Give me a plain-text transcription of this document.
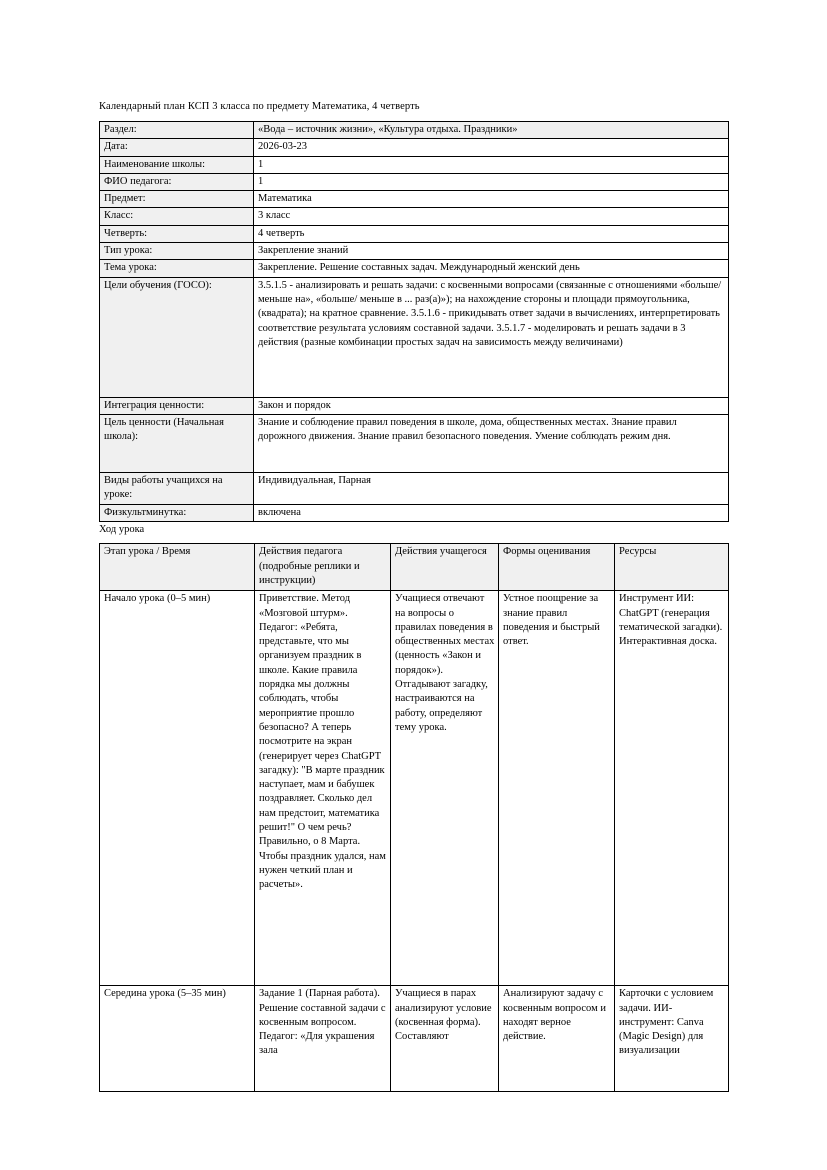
Календарный план КСП 3 класса по предмету Математика, 4 четверть
Раздел:	«Вода – источник жизни», «Культура отдыха. Праздники»
Дата:	2026-03-23
Наименование школы:	1
ФИО педагога:	1
Предмет:	Математика
Класс:	3 класс
Четверть:	4 четверть
Тип урока:	Закрепление знаний
Тема урока:	Закрепление. Решение составных задач. Международный женский день
Цели обучения (ГОСО):	3.5.1.5 - анализировать и решать задачи: с косвенными вопросами (связанные с отношениями «больше/ меньше на», «больше/ меньше в ... раз(а)»); на нахождение стороны и площади прямоугольника, (квадрата); на кратное сравнение. 3.5.1.6 - прикидывать ответ задачи в вычислениях, интерпретировать соответствие результата условиям составной задачи. 3.5.1.7 - моделировать и решать задачи в 3 действия (разные комбинации простых задач на зависимость между величинами)
Интеграция ценности:	Закон и порядок
Цель ценности (Начальная школа):	Знание и соблюдение правил поведения в школе, дома, общественных местах. Знание правил дорожного движения. Знание правил безопасного поведения. Умение соблюдать режим дня.
Виды работы учащихся на уроке:	Индивидуальная, Парная
Физкультминутка:	включена
Ход урока
Этап урока / Время	Действия педагога (подробные реплики и инструкции)	Действия учащегося	Формы оценивания	Ресурсы
Начало урока (0–5 мин)	Приветствие. Метод «Мозговой штурм». Педагог: «Ребята, представьте, что мы организуем праздник в школе. Какие правила порядка мы должны соблюдать, чтобы мероприятие прошло безопасно? А теперь посмотрите на экран (генерирует через ChatGPT загадку): "В марте праздник наступает, мам и бабушек поздравляет. Сколько дел нам предстоит, математика решит!" О чем речь? Правильно, о 8 Марта. Чтобы праздник удался, нам нужен четкий план и расчеты».	Учащиеся отвечают на вопросы о правилах поведения в общественных местах (ценность «Закон и порядок»). Отгадывают загадку, настраиваются на работу, определяют тему урока.	Устное поощрение за знание правил поведения и быстрый ответ.	Инструмент ИИ: ChatGPT (генерация тематической загадки). Интерактивная доска.
Середина урока (5–35 мин)	Задание 1 (Парная работа). Решение составной задачи с косвенным вопросом. Педагог: «Для украшения зала	Учащиеся в парах анализируют условие (косвенная форма). Составляют	Анализируют задачу с косвенным вопросом и находят верное действие.	Карточки с условием задачи. ИИ-инструмент: Canva (Magic Design) для визуализации
